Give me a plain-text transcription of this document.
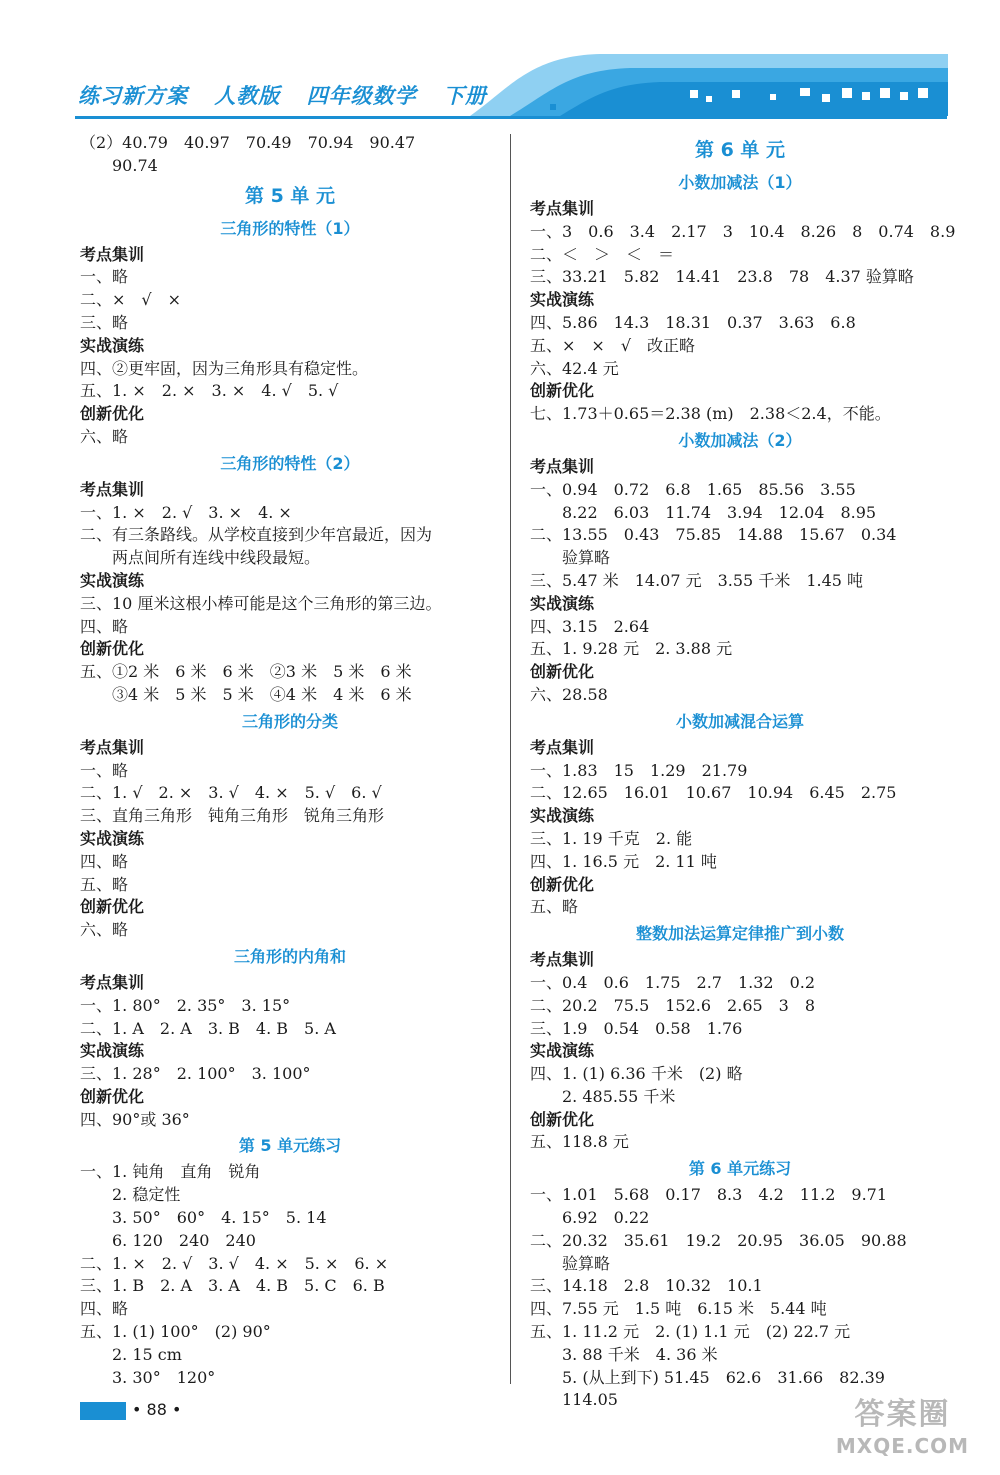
练习新方案 人教版 四年级数学 下册
（2）40.79　40.97　70.49　70.94　90.47
90.74
第 5 单 元
三角形的特性（1）
考点集训
一、略
二、×　√　×
三、略
实战演练
四、②更牢固，因为三角形具有稳定性。
五、1. ×　2. ×　3. ×　4. √　5. √
创新优化
六、略
三角形的特性（2）
考点集训
一、1. ×　2. √　3. ×　4. ×
二、有三条路线。从学校直接到少年宫最近，因为
两点间所有连线中线段最短。
实战演练
三、10 厘米这根小棒可能是这个三角形的第三边。
四、略
创新优化
五、①2 米　6 米　6 米　②3 米　5 米　6 米
③4 米　5 米　5 米　④4 米　4 米　6 米
三角形的分类
考点集训
一、略
二、1. √　2. ×　3. √　4. ×　5. √　6. √
三、直角三角形　钝角三角形　锐角三角形
实战演练
四、略
五、略
创新优化
六、略
三角形的内角和
考点集训
一、1. 80°　2. 35°　3. 15°
二、1. A　2. A　3. B　4. B　5. A
实战演练
三、1. 28°　2. 100°　3. 100°
创新优化
四、90°或 36°
第 5 单元练习
一、1. 钝角　直角　锐角
2. 稳定性
3. 50°　60°　4. 15°　5. 14
6. 120　240　240
二、1. ×　2. √　3. √　4. ×　5. ×　6. ×
三、1. B　2. A　3. A　4. B　5. C　6. B
四、略
五、1. (1) 100°　(2) 90°
2. 15 cm
3. 30°　120°
第 6 单 元
小数加减法（1）
考点集训
一、3　0.6　3.4　2.17　3　10.4　8.26　8　0.74　8.9
二、＜　＞　＜　＝
三、33.21　5.82　14.41　23.8　78　4.37 验算略
实战演练
四、5.86　14.3　18.31　0.37　3.63　6.8
五、×　×　√　改正略
六、42.4 元
创新优化
七、1.73＋0.65＝2.38 (m)　2.38＜2.4，不能。
小数加减法（2）
考点集训
一、0.94　0.72　6.8　1.65　85.56　3.55
8.22　6.03　11.74　3.94　12.04　8.95
二、13.55　0.43　75.85　14.88　15.67　0.34
验算略
三、5.47 米　14.07 元　3.55 千米　1.45 吨
实战演练
四、3.15　2.64
五、1. 9.28 元　2. 3.88 元
创新优化
六、28.58
小数加减混合运算
考点集训
一、1.83　15　1.29　21.79
二、12.65　16.01　10.67　10.94　6.45　2.75
实战演练
三、1. 19 千克　2. 能
四、1. 16.5 元　2. 11 吨
创新优化
五、略
整数加法运算定律推广到小数
考点集训
一、0.4　0.6　1.75　2.7　1.32　0.2
二、20.2　75.5　152.6　2.65　3　8
三、1.9　0.54　0.58　1.76
实战演练
四、1. (1) 6.36 千米　(2) 略
2. 485.55 千米
创新优化
五、118.8 元
第 6 单元练习
一、1.01　5.68　0.17　8.3　4.2　11.2　9.71
6.92　0.22
二、20.32　35.61　19.2　20.95　36.05　90.88
验算略
三、14.18　2.8　10.32　10.1
四、7.55 元　1.5 吨　6.15 米　5.44 吨
五、1. 11.2 元　2. (1) 1.1 元　(2) 22.7 元
3. 88 千米　4. 36 米
5. (从上到下) 51.45　62.6　31.66　82.39
114.05
• 88 •	答案圈
MXQE.COM
